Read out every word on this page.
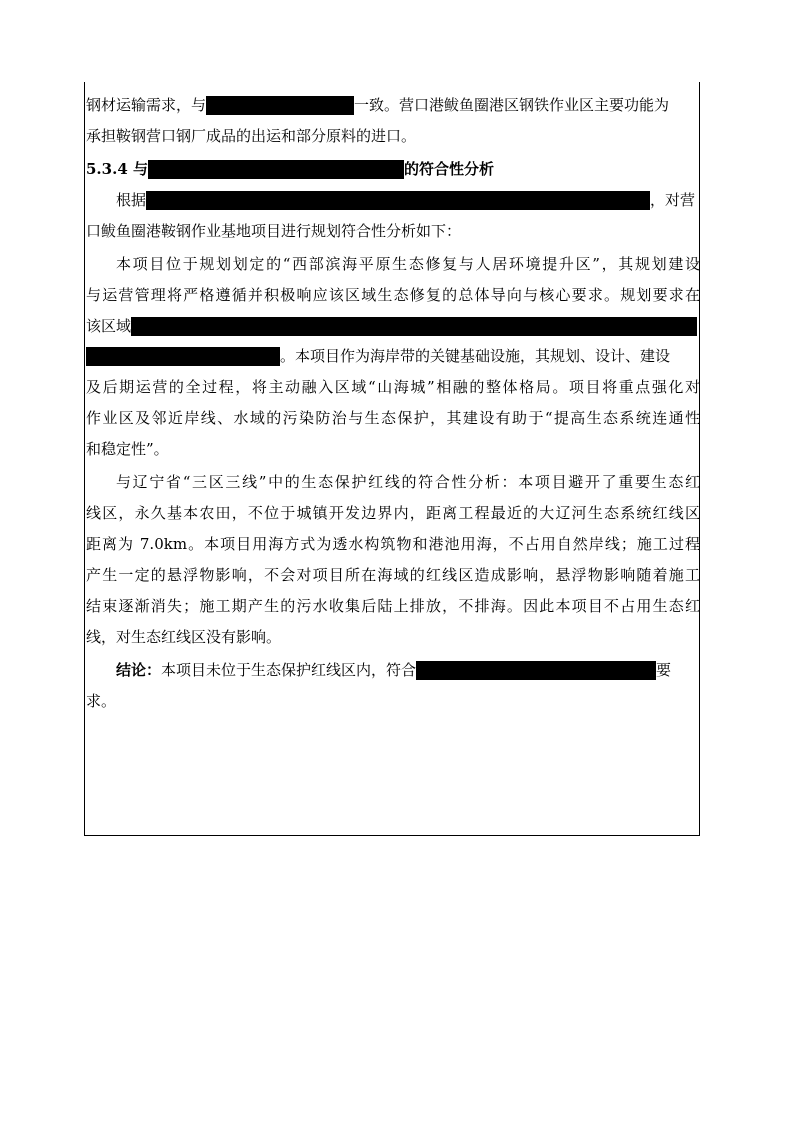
钢材运输需求，与	一致。营口港鲅鱼圈港区钢铁作业区主要功能为
承担鞍钢营口钢厂成品的出运和部分原料的进口。
5.3.4 与	的符合性分析
根据	，对营
口鲅鱼圈港鞍钢作业基地项目进行规划符合性分析如下：
本项目位于规划划定的“西部滨海平原生态修复与人居环境提升区”，其规划建设
与运营管理将严格遵循并积极响应该区域生态修复的总体导向与核心要求。规划要求在
该区域
。本项目作为海岸带的关键基础设施，其规划、设计、建设
及后期运营的全过程，将主动融入区域“山海城”相融的整体格局。项目将重点强化对
作业区及邻近岸线、水域的污染防治与生态保护，其建设有助于“提高生态系统连通性
和稳定性”。
与辽宁省“三区三线”中的生态保护红线的符合性分析：本项目避开了重要生态红
线区，永久基本农田，不位于城镇开发边界内，距离工程最近的大辽河生态系统红线区
距离为 7.0km。本项目用海方式为透水构筑物和港池用海，不占用自然岸线；施工过程
产生一定的悬浮物影响，不会对项目所在海域的红线区造成影响，悬浮物影响随着施工
结束逐渐消失；施工期产生的污水收集后陆上排放，不排海。因此本项目不占用生态红
线，对生态红线区没有影响。
结论：本项目未位于生态保护红线区内，符合	要
求。
